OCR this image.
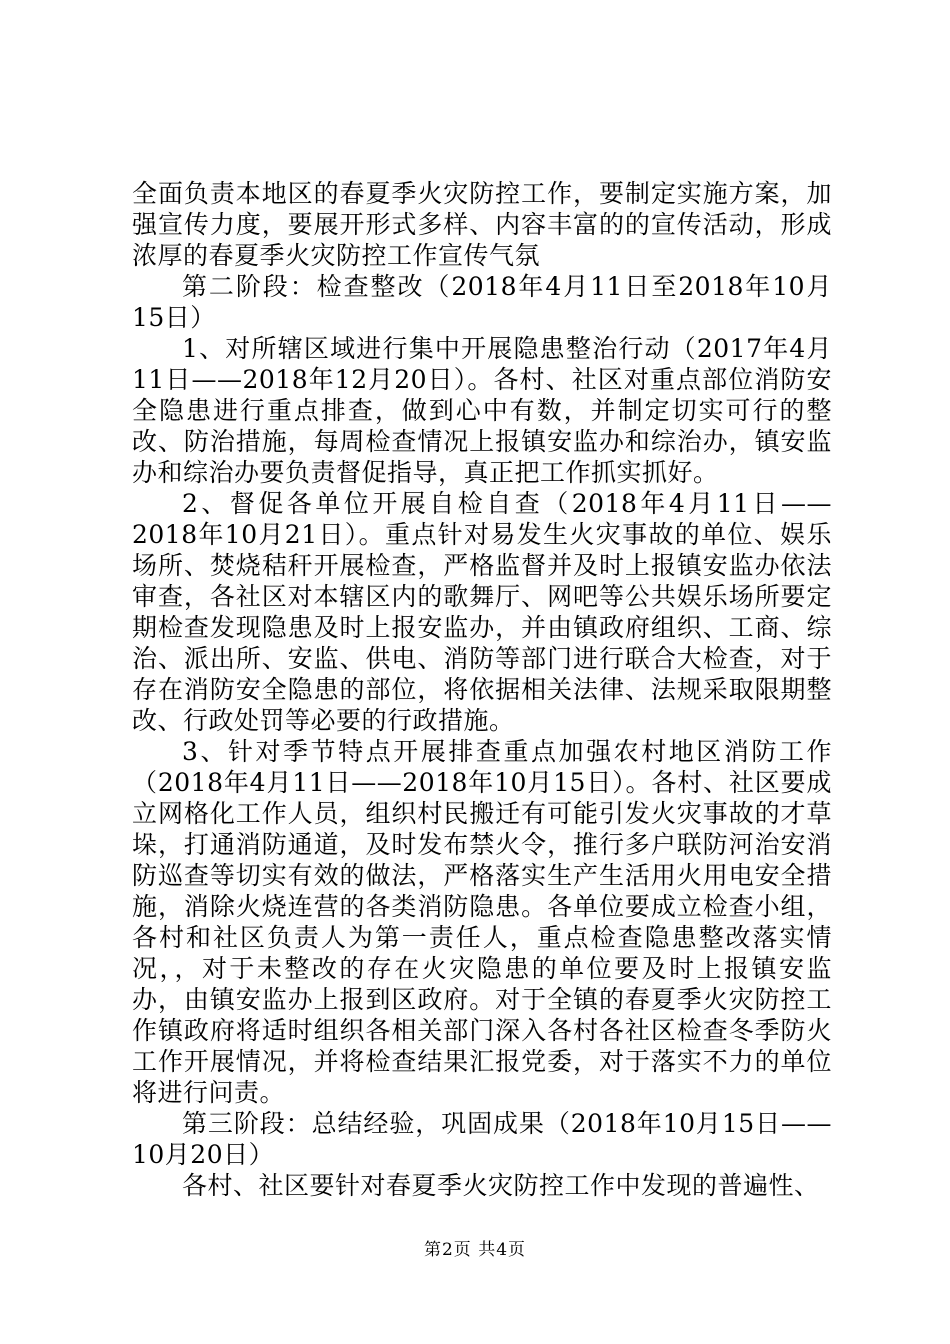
全面负责本地区的春夏季火灾防控工作，要制定实施方案，加强宣传力度，要展开形式多样、内容丰富的的宣传活动，形成浓厚的春夏季火灾防控工作宣传气氛

第二阶段：检查整改（2018年4月11日至2018年10月15日）

1、对所辖区域进行集中开展隐患整治行动（2017年4月11日——2018年12月20日）。各村、社区对重点部位消防安全隐患进行重点排查，做到心中有数，并制定切实可行的整改、防治措施，每周检查情况上报镇安监办和综治办，镇安监办和综治办要负责督促指导，真正把工作抓实抓好。

2、督促各单位开展自检自查（2018年4月11日——2018年10月21日）。重点针对易发生火灾事故的单位、娱乐场所、焚烧秸秆开展检查，严格监督并及时上报镇安监办依法审查，各社区对本辖区内的歌舞厅、网吧等公共娱乐场所要定期检查发现隐患及时上报安监办，并由镇政府组织、工商、综治、派出所、安监、供电、消防等部门进行联合大检查，对于存在消防安全隐患的部位，将依据相关法律、法规采取限期整改、行政处罚等必要的行政措施。

3、针对季节特点开展排查重点加强农村地区消防工作（2018年4月11日——2018年10月15日）。各村、社区要成立网格化工作人员，组织村民搬迁有可能引发火灾事故的才草垛，打通消防通道，及时发布禁火令，推行多户联防河治安消防巡查等切实有效的做法，严格落实生产生活用火用电安全措施，消除火烧连营的各类消防隐患。各单位要成立检查小组，各村和社区负责人为第一责任人，重点检查隐患整改落实情况，，对于未整改的存在火灾隐患的单位要及时上报镇安监办，由镇安监办上报到区政府。对于全镇的春夏季火灾防控工作镇政府将适时组织各相关部门深入各村各社区检查冬季防火工作开展情况，并将检查结果汇报党委，对于落实不力的单位将进行问责。

第三阶段：总结经验，巩固成果（2018年10月15日——10月20日）

各村、社区要针对春夏季火灾防控工作中发现的普遍性、

第2页 共4页
